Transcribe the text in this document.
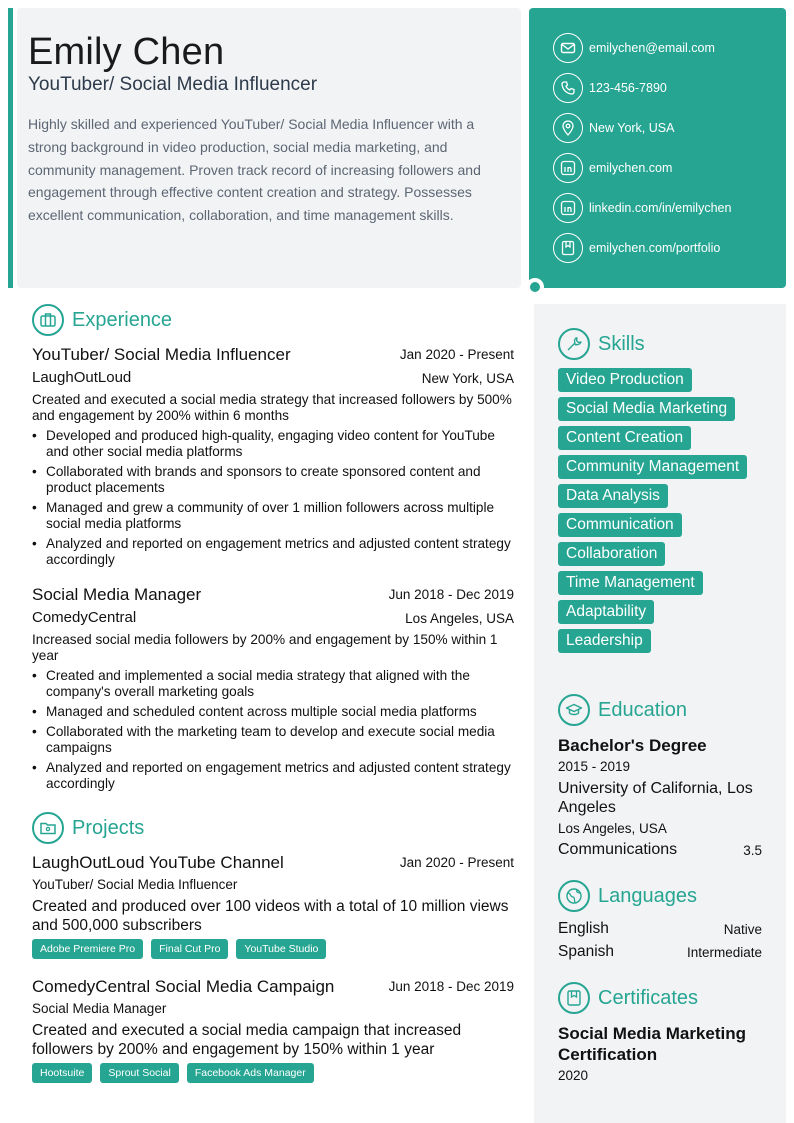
Emily Chen
YouTuber/ Social Media Influencer
Highly skilled and experienced YouTuber/ Social Media Influencer with a strong background in video production, social media marketing, and community management. Proven track record of increasing followers and engagement through effective content creation and strategy. Possesses excellent communication, collaboration, and time management skills.
emilychen@email.com
123-456-7890
New York, USA
emilychen.com
linkedin.com/in/emilychen
emilychen.com/portfolio
Experience
YouTuber/ Social Media Influencer	Jan 2020 - Present
LaughOutLoud	New York, USA
Created and executed a social media strategy that increased followers by 500% and engagement by 200% within 6 months
• Developed and produced high-quality, engaging video content for YouTube and other social media platforms
• Collaborated with brands and sponsors to create sponsored content and product placements
• Managed and grew a community of over 1 million followers across multiple social media platforms
• Analyzed and reported on engagement metrics and adjusted content strategy accordingly
Social Media Manager	Jun 2018 - Dec 2019
ComedyCentral	Los Angeles, USA
Increased social media followers by 200% and engagement by 150% within 1 year
• Created and implemented a social media strategy that aligned with the company's overall marketing goals
• Managed and scheduled content across multiple social media platforms
• Collaborated with the marketing team to develop and execute social media campaigns
• Analyzed and reported on engagement metrics and adjusted content strategy accordingly
Projects
LaughOutLoud YouTube Channel	Jan 2020 - Present
YouTuber/ Social Media Influencer
Created and produced over 100 videos with a total of 10 million views and 500,000 subscribers
Adobe Premiere Pro	Final Cut Pro	YouTube Studio
ComedyCentral Social Media Campaign	Jun 2018 - Dec 2019
Social Media Manager
Created and executed a social media campaign that increased followers by 200% and engagement by 150% within 1 year
Hootsuite	Sprout Social	Facebook Ads Manager
Skills
Video Production
Social Media Marketing
Content Creation
Community Management
Data Analysis
Communication
Collaboration
Time Management
Adaptability
Leadership
Education
Bachelor's Degree
2015 - 2019
University of California, Los Angeles
Los Angeles, USA
Communications	3.5
Languages
English	Native
Spanish	Intermediate
Certificates
Social Media Marketing Certification
2020
